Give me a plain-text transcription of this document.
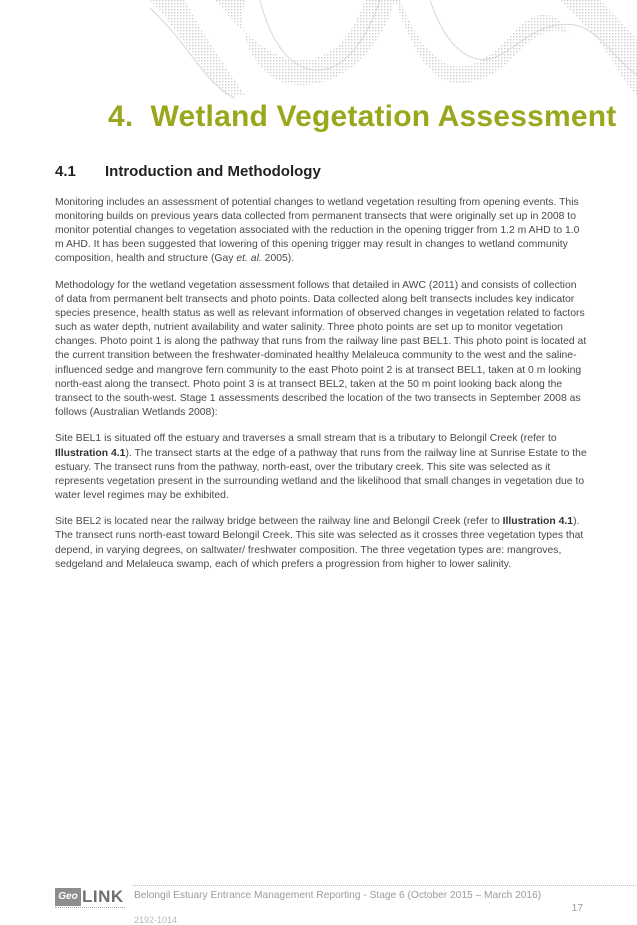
4. Wetland Vegetation Assessment
4.1 Introduction and Methodology

Monitoring includes an assessment of potential changes to wetland vegetation resulting from opening events. This monitoring builds on previous years data collected from permanent transects that were originally set up in 2008 to monitor potential changes to vegetation associated with the reduction in the opening trigger from 1.2 m AHD to 1.0 m AHD. It has been suggested that lowering of this opening trigger may result in changes to wetland community composition, health and structure (Gay et. al. 2005).

Methodology for the wetland vegetation assessment follows that detailed in AWC (2011) and consists of collection of data from permanent belt transects and photo points. Data collected along belt transects includes key indicator species presence, health status as well as relevant information of observed changes in vegetation related to factors such as water depth, nutrient availability and water salinity. Three photo points are set up to monitor vegetation changes. Photo point 1 is along the pathway that runs from the railway line past BEL1. This photo point is located at the current transition between the freshwater-dominated healthy Melaleuca community to the west and the saline-influenced sedge and mangrove fern community to the east Photo point 2 is at transect BEL1, taken at 0 m looking north-east along the transect. Photo point 3 is at transect BEL2, taken at the 50 m point looking back along the transect to the south-west. Stage 1 assessments described the location of the two transects in September 2008 as follows (Australian Wetlands 2008):

Site BEL1 is situated off the estuary and traverses a small stream that is a tributary to Belongil Creek (refer to Illustration 4.1). The transect starts at the edge of a pathway that runs from the railway line at Sunrise Estate to the estuary. The transect runs from the pathway, north-east, over the tributary creek. This site was selected as it represents vegetation present in the surrounding wetland and the likelihood that small changes in vegetation due to water level regimes may be exhibited.

Site BEL2 is located near the railway bridge between the railway line and Belongil Creek (refer to Illustration 4.1). The transect runs north-east toward Belongil Creek. This site was selected as it crosses three vegetation types that depend, in varying degrees, on saltwater/ freshwater composition. The three vegetation types are: mangroves, sedgeland and Melaleuca swamp, each of which prefers a progression from higher to lower salinity.

Geo LINK Belongil Estuary Entrance Management Reporting - Stage 6 (October 2015 – March 2016)
2192-1014
17
